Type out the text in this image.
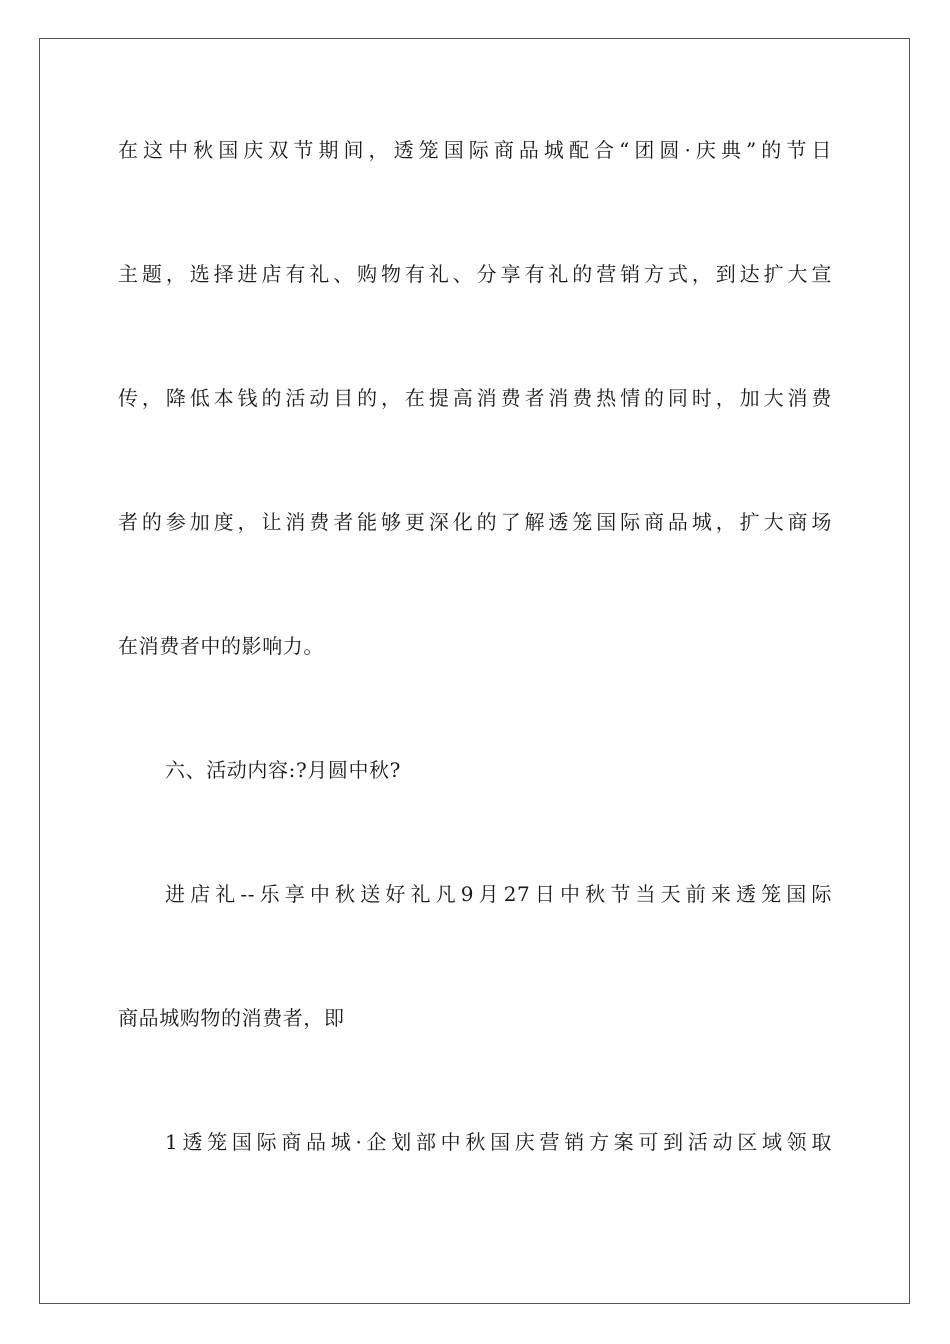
在这中秋国庆双节期间，透笼国际商品城配合“团圆·庆典”的节日
主题，选择进店有礼、购物有礼、分享有礼的营销方式，到达扩大宣
传，降低本钱的活动目的，在提高消费者消费热情的同时，加大消费
者的参加度，让消费者能够更深化的了解透笼国际商品城，扩大商场
在消费者中的影响力。
六、活动内容:?月圆中秋?
进店礼--乐享中秋送好礼凡9月27日中秋节当天前来透笼国际
商品城购物的消费者，即
1透笼国际商品城·企划部中秋国庆营销方案可到活动区域领取
